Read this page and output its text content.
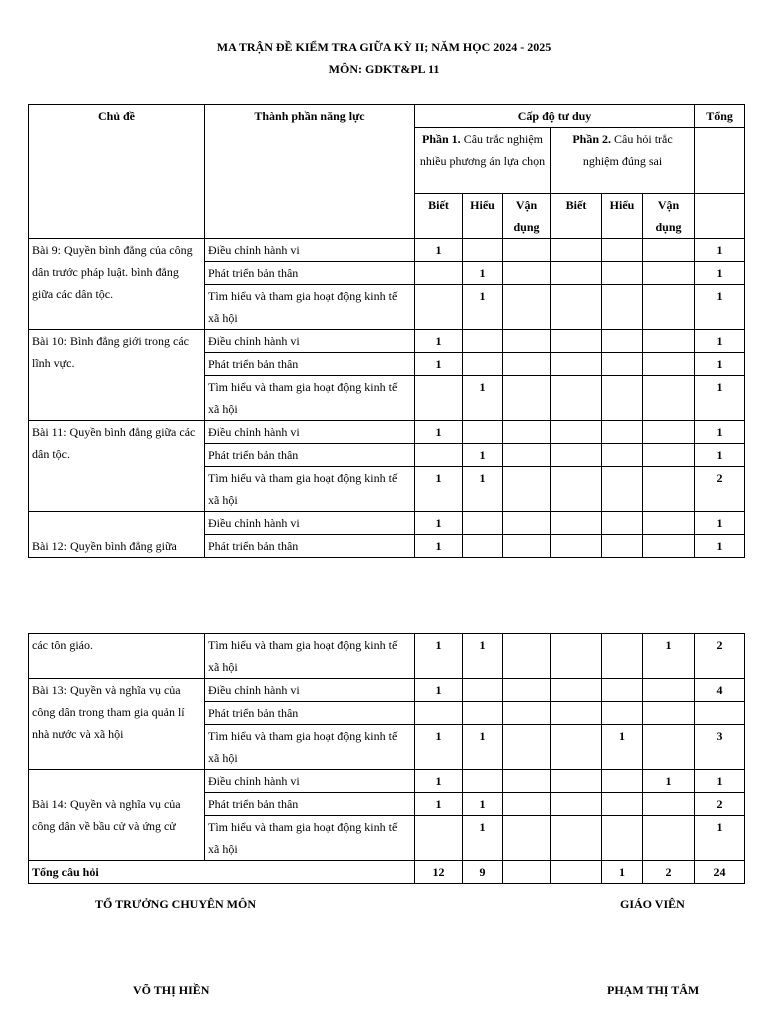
MA TRẬN ĐỀ KIỂM TRA GIỮA KỲ II; NĂM HỌC 2024 - 2025
MÔN: GDKT&PL 11
Chủ đề	Thành phần năng lực	Cấp độ tư duy						Tổng
		Phần 1. Câu trắc nghiệm nhiều phương án lựa chọn			Phần 2. Câu hỏi trắc nghiệm đúng sai			
		Biết	Hiểu	Vận dụng	Biết	Hiểu	Vận dụng	
Bài 9: Quyền bình đẳng của công dân trước pháp luật. bình đẳng giữa các dân tộc.	Điều chỉnh hành vi	1						1
	Phát triển bản thân		1					1
	Tìm hiểu và tham gia hoạt động kinh tế xã hội		1					1
Bài 10: Bình đẳng giới trong các lĩnh vực.	Điều chỉnh hành vi	1						1
	Phát triển bản thân	1						1
	Tìm hiểu và tham gia hoạt động kinh tế xã hội		1					1
Bài 11: Quyền bình đẳng giữa các dân tộc.	Điều chỉnh hành vi	1						1
	Phát triển bản thân		1					1
	Tìm hiểu và tham gia hoạt động kinh tế xã hội	1	1					2
Bài 12: Quyền bình đẳng giữa	Điều chỉnh hành vi	1						1
	Phát triển bản thân	1						1
các tôn giáo.	Tìm hiểu và tham gia hoạt động kinh tế xã hội	1	1				1	2
Bài 13: Quyền và nghĩa vụ của công dân trong tham gia quản lí nhà nước và xã hội	Điều chỉnh hành vi	1						4
	Phát triển bản thân							
	Tìm hiểu và tham gia hoạt động kinh tế xã hội	1	1			1		3
Bài 14: Quyền và nghĩa vụ của công dân về bầu cử và ứng cử	Điều chỉnh hành vi	1					1	1
	Phát triển bản thân	1	1					2
	Tìm hiểu và tham gia hoạt động kinh tế xã hội		1					1
Tổng câu hỏi		12	9			1	2	24
TỔ TRƯỞNG CHUYÊN MÔN	GIÁO VIÊN
VÕ THỊ HIỀN	PHẠM THỊ TÂM
